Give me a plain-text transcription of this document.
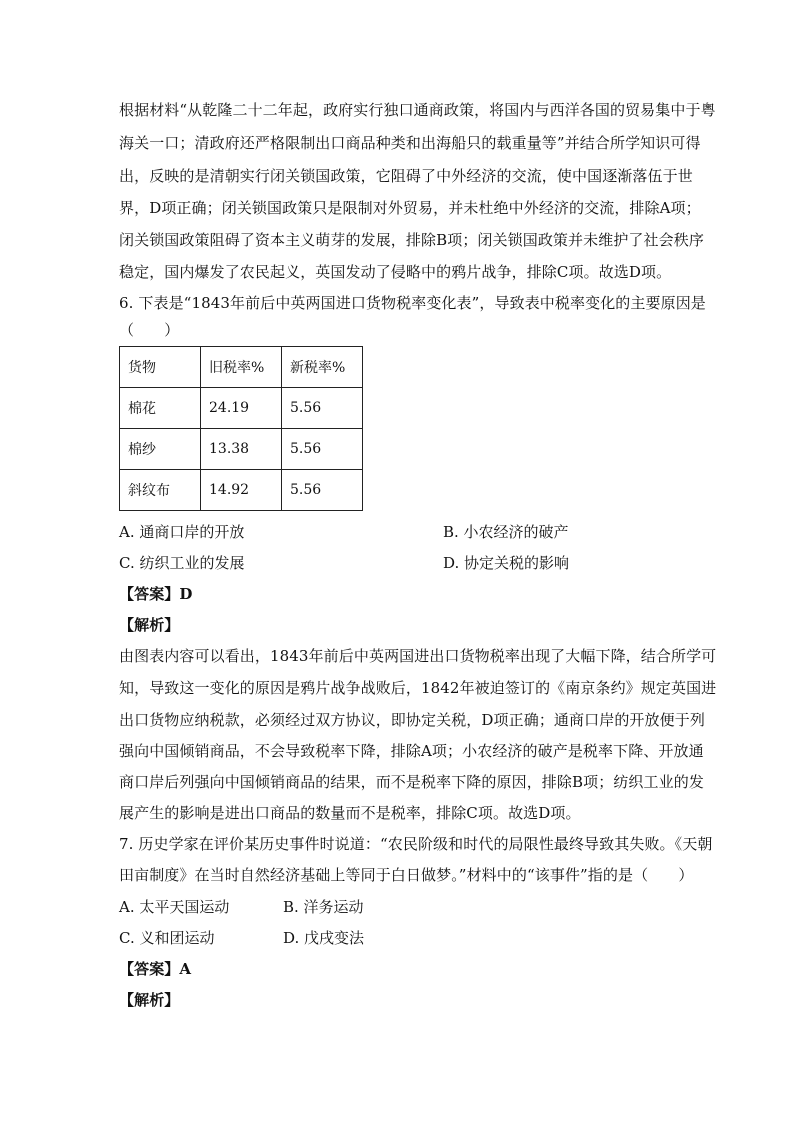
根据材料“从乾隆二十二年起，政府实行独口通商政策，将国内与西洋各国的贸易集中于粤
海关一口；清政府还严格限制出口商品种类和出海船只的载重量等”并结合所学知识可得
出，反映的是清朝实行闭关锁国政策，它阻碍了中外经济的交流，使中国逐渐落伍于世
界，D项正确；闭关锁国政策只是限制对外贸易，并未杜绝中外经济的交流，排除A项；
闭关锁国政策阻碍了资本主义萌芽的发展，排除B项；闭关锁国政策并未维护了社会秩序
稳定，国内爆发了农民起义，英国发动了侵略中的鸦片战争，排除C项。故选D项。
6. 下表是“1843年前后中英两国进口货物税率变化表”，导致表中税率变化的主要原因是
（　　）
货物	旧税率%	新税率%
棉花	24.19	5.56
棉纱	13.38	5.56
斜纹布	14.92	5.56
A. 通商口岸的开放	B. 小农经济的破产
C. 纺织工业的发展	D. 协定关税的影响
【答案】D
【解析】
由图表内容可以看出，1843年前后中英两国进出口货物税率出现了大幅下降，结合所学可
知，导致这一变化的原因是鸦片战争战败后，1842年被迫签订的《南京条约》规定英国进
出口货物应纳税款，必须经过双方协议，即协定关税，D项正确；通商口岸的开放便于列
强向中国倾销商品，不会导致税率下降，排除A项；小农经济的破产是税率下降、开放通
商口岸后列强向中国倾销商品的结果，而不是税率下降的原因，排除B项；纺织工业的发
展产生的影响是进出口商品的数量而不是税率，排除C项。故选D项。
7. 历史学家在评价某历史事件时说道：“农民阶级和时代的局限性最终导致其失败。《天朝
田亩制度》在当时自然经济基础上等同于白日做梦。”材料中的“该事件”指的是（　　）
A. 太平天国运动	B. 洋务运动
C. 义和团运动	D. 戊戌变法
【答案】A
【解析】
